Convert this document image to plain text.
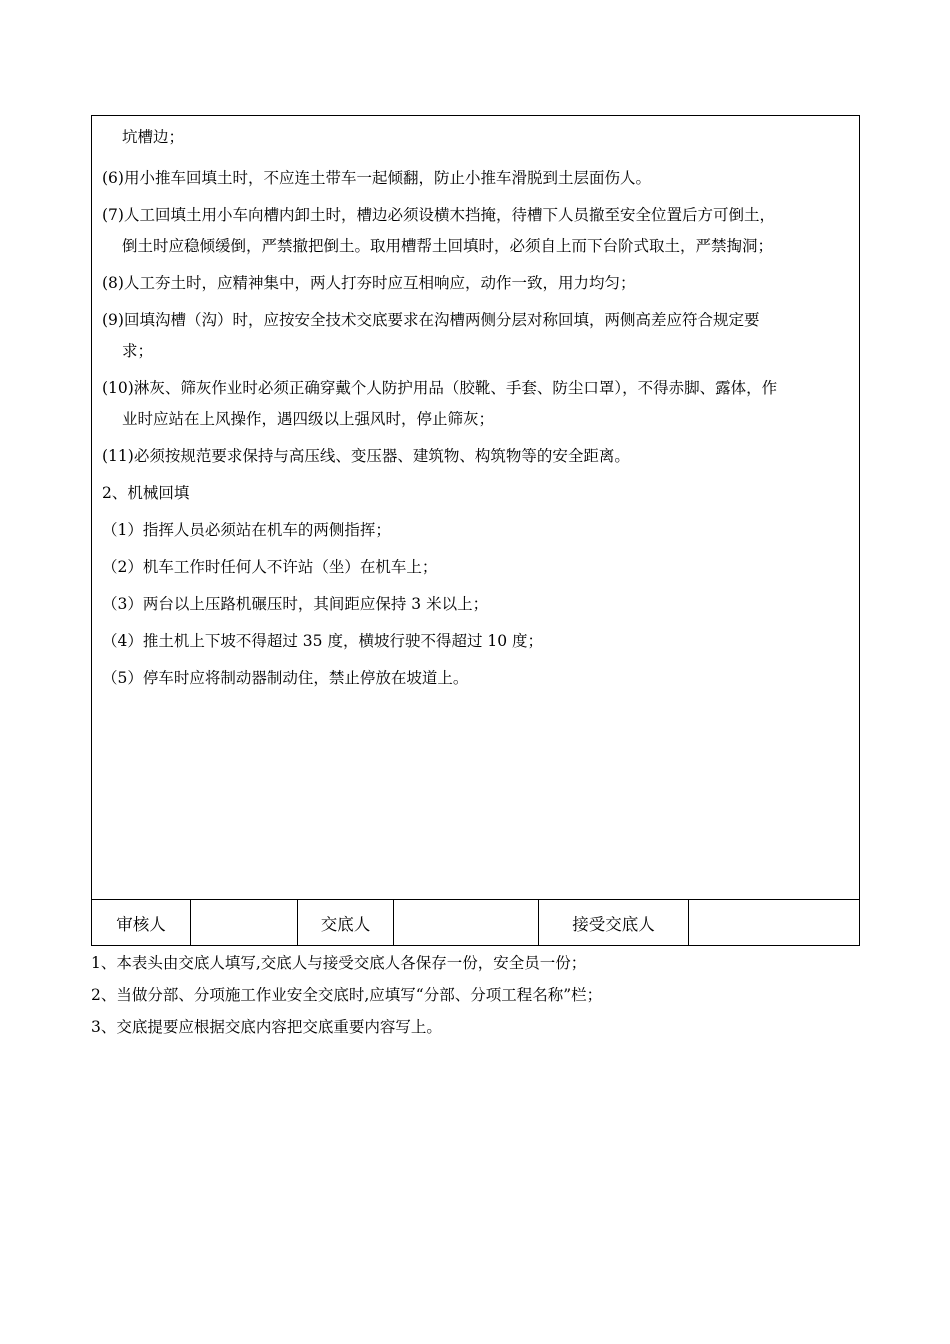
坑槽边；
(6)用小推车回填土时，不应连土带车一起倾翻，防止小推车滑脱到土层面伤人。
(7)人工回填土用小车向槽内卸土时，槽边必须设横木挡掩，待槽下人员撤至安全位置后方可倒土，
倒土时应稳倾缓倒，严禁撤把倒土。取用槽帮土回填时，必须自上而下台阶式取土，严禁掏洞；
(8)人工夯土时，应精神集中，两人打夯时应互相响应，动作一致，用力均匀；
(9)回填沟槽（沟）时，应按安全技术交底要求在沟槽两侧分层对称回填，两侧高差应符合规定要
求；
(10)淋灰、筛灰作业时必须正确穿戴个人防护用品（胶靴、手套、防尘口罩），不得赤脚、露体，作
业时应站在上风操作，遇四级以上强风时，停止筛灰；
(11)必须按规范要求保持与高压线、变压器、建筑物、构筑物等的安全距离。
2、机械回填
（1）指挥人员必须站在机车的两侧指挥；
（2）机车工作时任何人不许站（坐）在机车上；
（3）两台以上压路机碾压时，其间距应保持 3 米以上；
（4）推土机上下坡不得超过 35 度，横坡行驶不得超过 10 度；
（5）停车时应将制动器制动住，禁止停放在坡道上。

审核人		交底人		接受交底人	
1、本表头由交底人填写,交底人与接受交底人各保存一份，安全员一份；
2、当做分部、分项施工作业安全交底时,应填写“分部、分项工程名称”栏；
3、交底提要应根据交底内容把交底重要内容写上。
